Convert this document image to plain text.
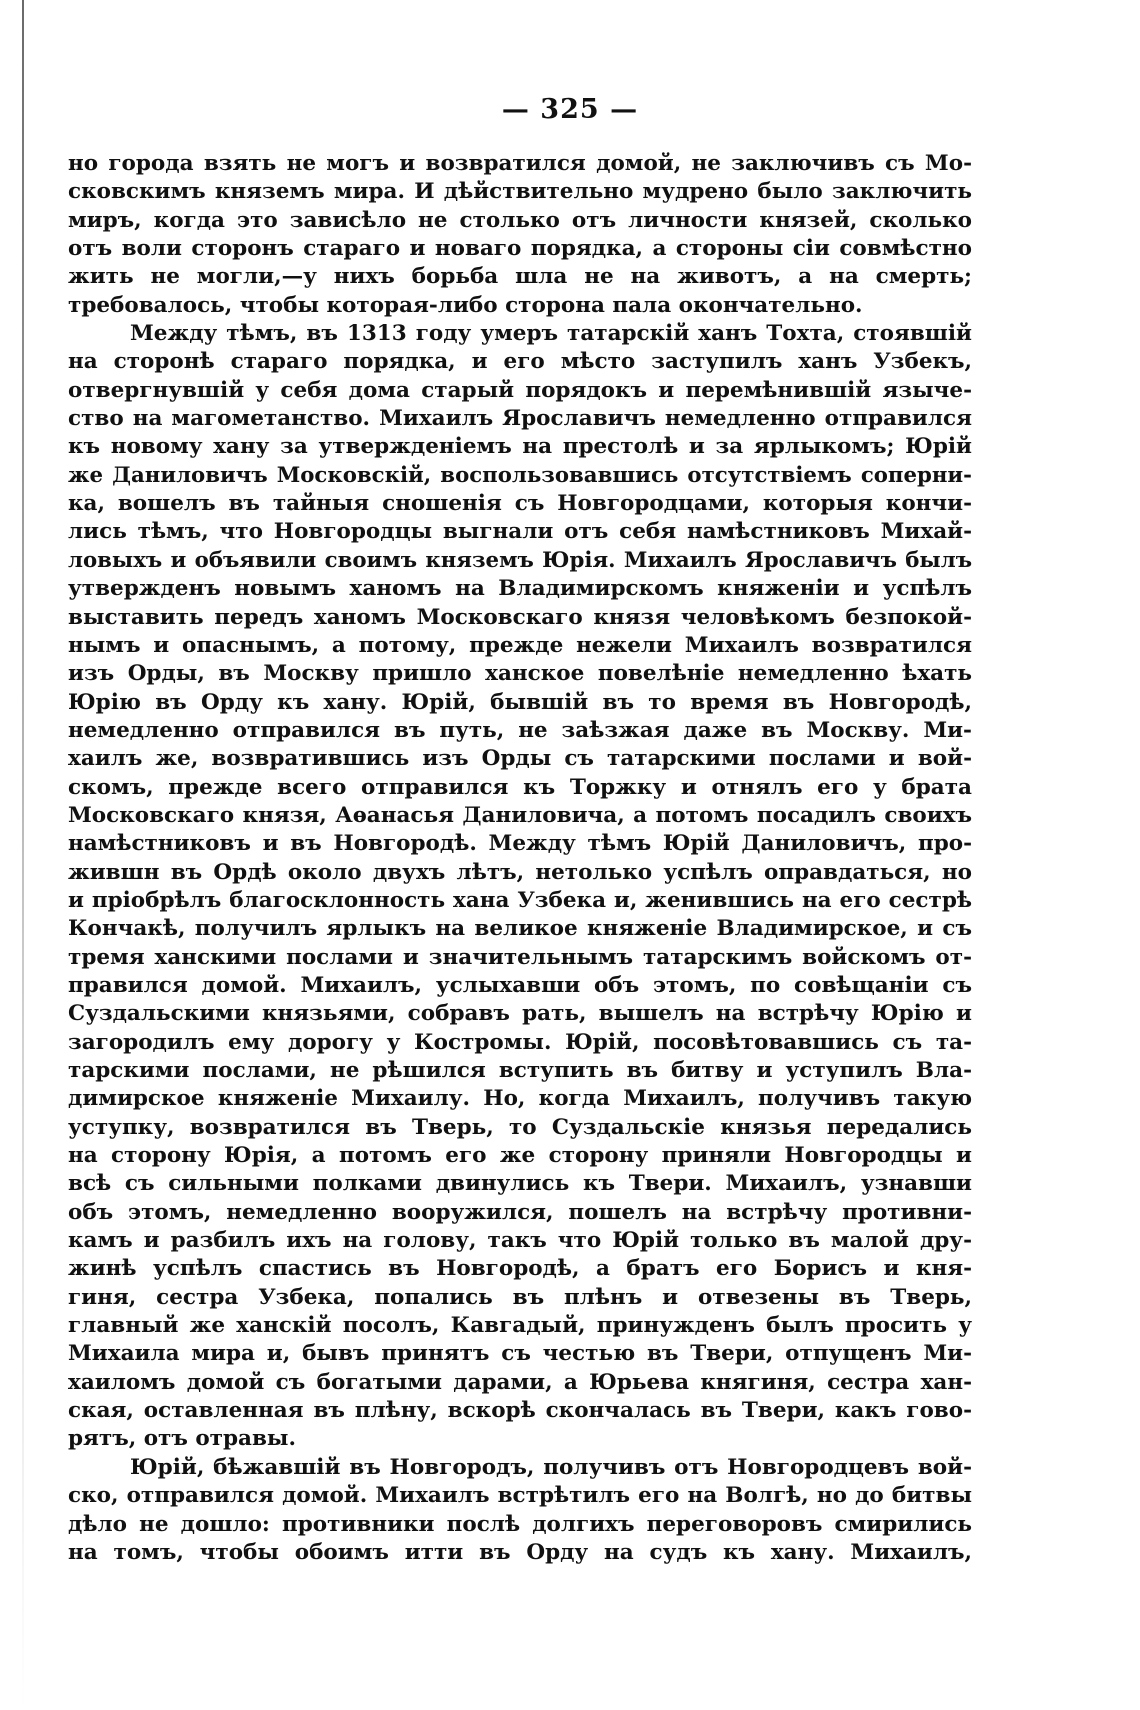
— 325 —
но города взять не могъ и возвратился домой, не заключивъ съ Мо-
сковскимъ княземъ мира. И дѣйствительно мудрено было заключить
миръ, когда это зависѣло не столько отъ личности князей, сколько
отъ воли сторонъ стараго и новаго порядка, а стороны сіи совмѣстно
жить не могли,—у нихъ борьба шла не на животъ, а на смерть;
требовалось, чтобы которая-либо сторона пала окончательно.
Между тѣмъ, въ 1313 году умеръ татарскій ханъ Тохта, стоявшій
на сторонѣ стараго порядка, и его мѣсто заступилъ ханъ Узбекъ,
отвергнувшій у себя дома старый порядокъ и перемѣнившій языче-
ство на магометанство. Михаилъ Ярославичъ немедленно отправился
къ новому хану за утвержденіемъ на престолѣ и за ярлыкомъ; Юрій
же Даниловичъ Московскій, воспользовавшись отсутствіемъ соперни-
ка, вошелъ въ тайныя сношенія съ Новгородцами, которыя кончи-
лись тѣмъ, что Новгородцы выгнали отъ себя намѣстниковъ Михай-
ловыхъ и объявили своимъ княземъ Юрія. Михаилъ Ярославичъ былъ
утвержденъ новымъ ханомъ на Владимирскомъ княженіи и успѣлъ
выставить передъ ханомъ Московскаго князя человѣкомъ безпокой-
нымъ и опаснымъ, а потому, прежде нежели Михаилъ возвратился
изъ Орды, въ Москву пришло ханское повелѣніе немедленно ѣхать
Юрію въ Орду къ хану. Юрій, бывшій въ то время въ Новгородѣ,
немедленно отправился въ путь, не заѣзжая даже въ Москву. Ми-
хаилъ же, возвратившись изъ Орды съ татарскими послами и вой-
скомъ, прежде всего отправился къ Торжку и отнялъ его у брата
Московскаго князя, Аѳанасья Даниловича, а потомъ посадилъ своихъ
намѣстниковъ и въ Новгородѣ. Между тѣмъ Юрій Даниловичъ, про-
жившн въ Ордѣ около двухъ лѣтъ, нетолько успѣлъ оправдаться, но
и пріобрѣлъ благосклонность хана Узбека и, женившись на его сестрѣ
Кончакѣ, получилъ ярлыкъ на великое княженіе Владимирское, и съ
тремя ханскими послами и значительнымъ татарскимъ войскомъ от-
правился домой. Михаилъ, услыхавши объ этомъ, по совѣщаніи съ
Суздальскими князьями, собравъ рать, вышелъ на встрѣчу Юрію и
загородилъ ему дорогу у Костромы. Юрій, посовѣтовавшись съ та-
тарскими послами, не рѣшился вступить въ битву и уступилъ Вла-
димирское княженіе Михаилу. Но, когда Михаилъ, получивъ такую
уступку, возвратился въ Тверь, то Суздальскіе князья передались
на сторону Юрія, а потомъ его же сторону приняли Новгородцы и
всѣ съ сильными полками двинулись къ Твери. Михаилъ, узнавши
объ этомъ, немедленно вооружился, пошелъ на встрѣчу противни-
камъ и разбилъ ихъ на голову, такъ что Юрій только въ малой дру-
жинѣ успѣлъ спастись въ Новгородѣ, а братъ его Борисъ и кня-
гиня, сестра Узбека, попались въ плѣнъ и отвезены въ Тверь,
главный же ханскій посолъ, Кавгадый, принужденъ былъ просить у
Михаила мира и, бывъ принятъ съ честью въ Твери, отпущенъ Ми-
хаиломъ домой съ богатыми дарами, а Юрьева княгиня, сестра хан-
ская, оставленная въ плѣну, вскорѣ скончалась въ Твери, какъ гово-
рятъ, отъ отравы.
Юрій, бѣжавшій въ Новгородъ, получивъ отъ Новгородцевъ вой-
ско, отправился домой. Михаилъ встрѣтилъ его на Волгѣ, но до битвы
дѣло не дошло: противники послѣ долгихъ переговоровъ смирились
на томъ, чтобы обоимъ итти въ Орду на судъ къ хану. Михаилъ,
